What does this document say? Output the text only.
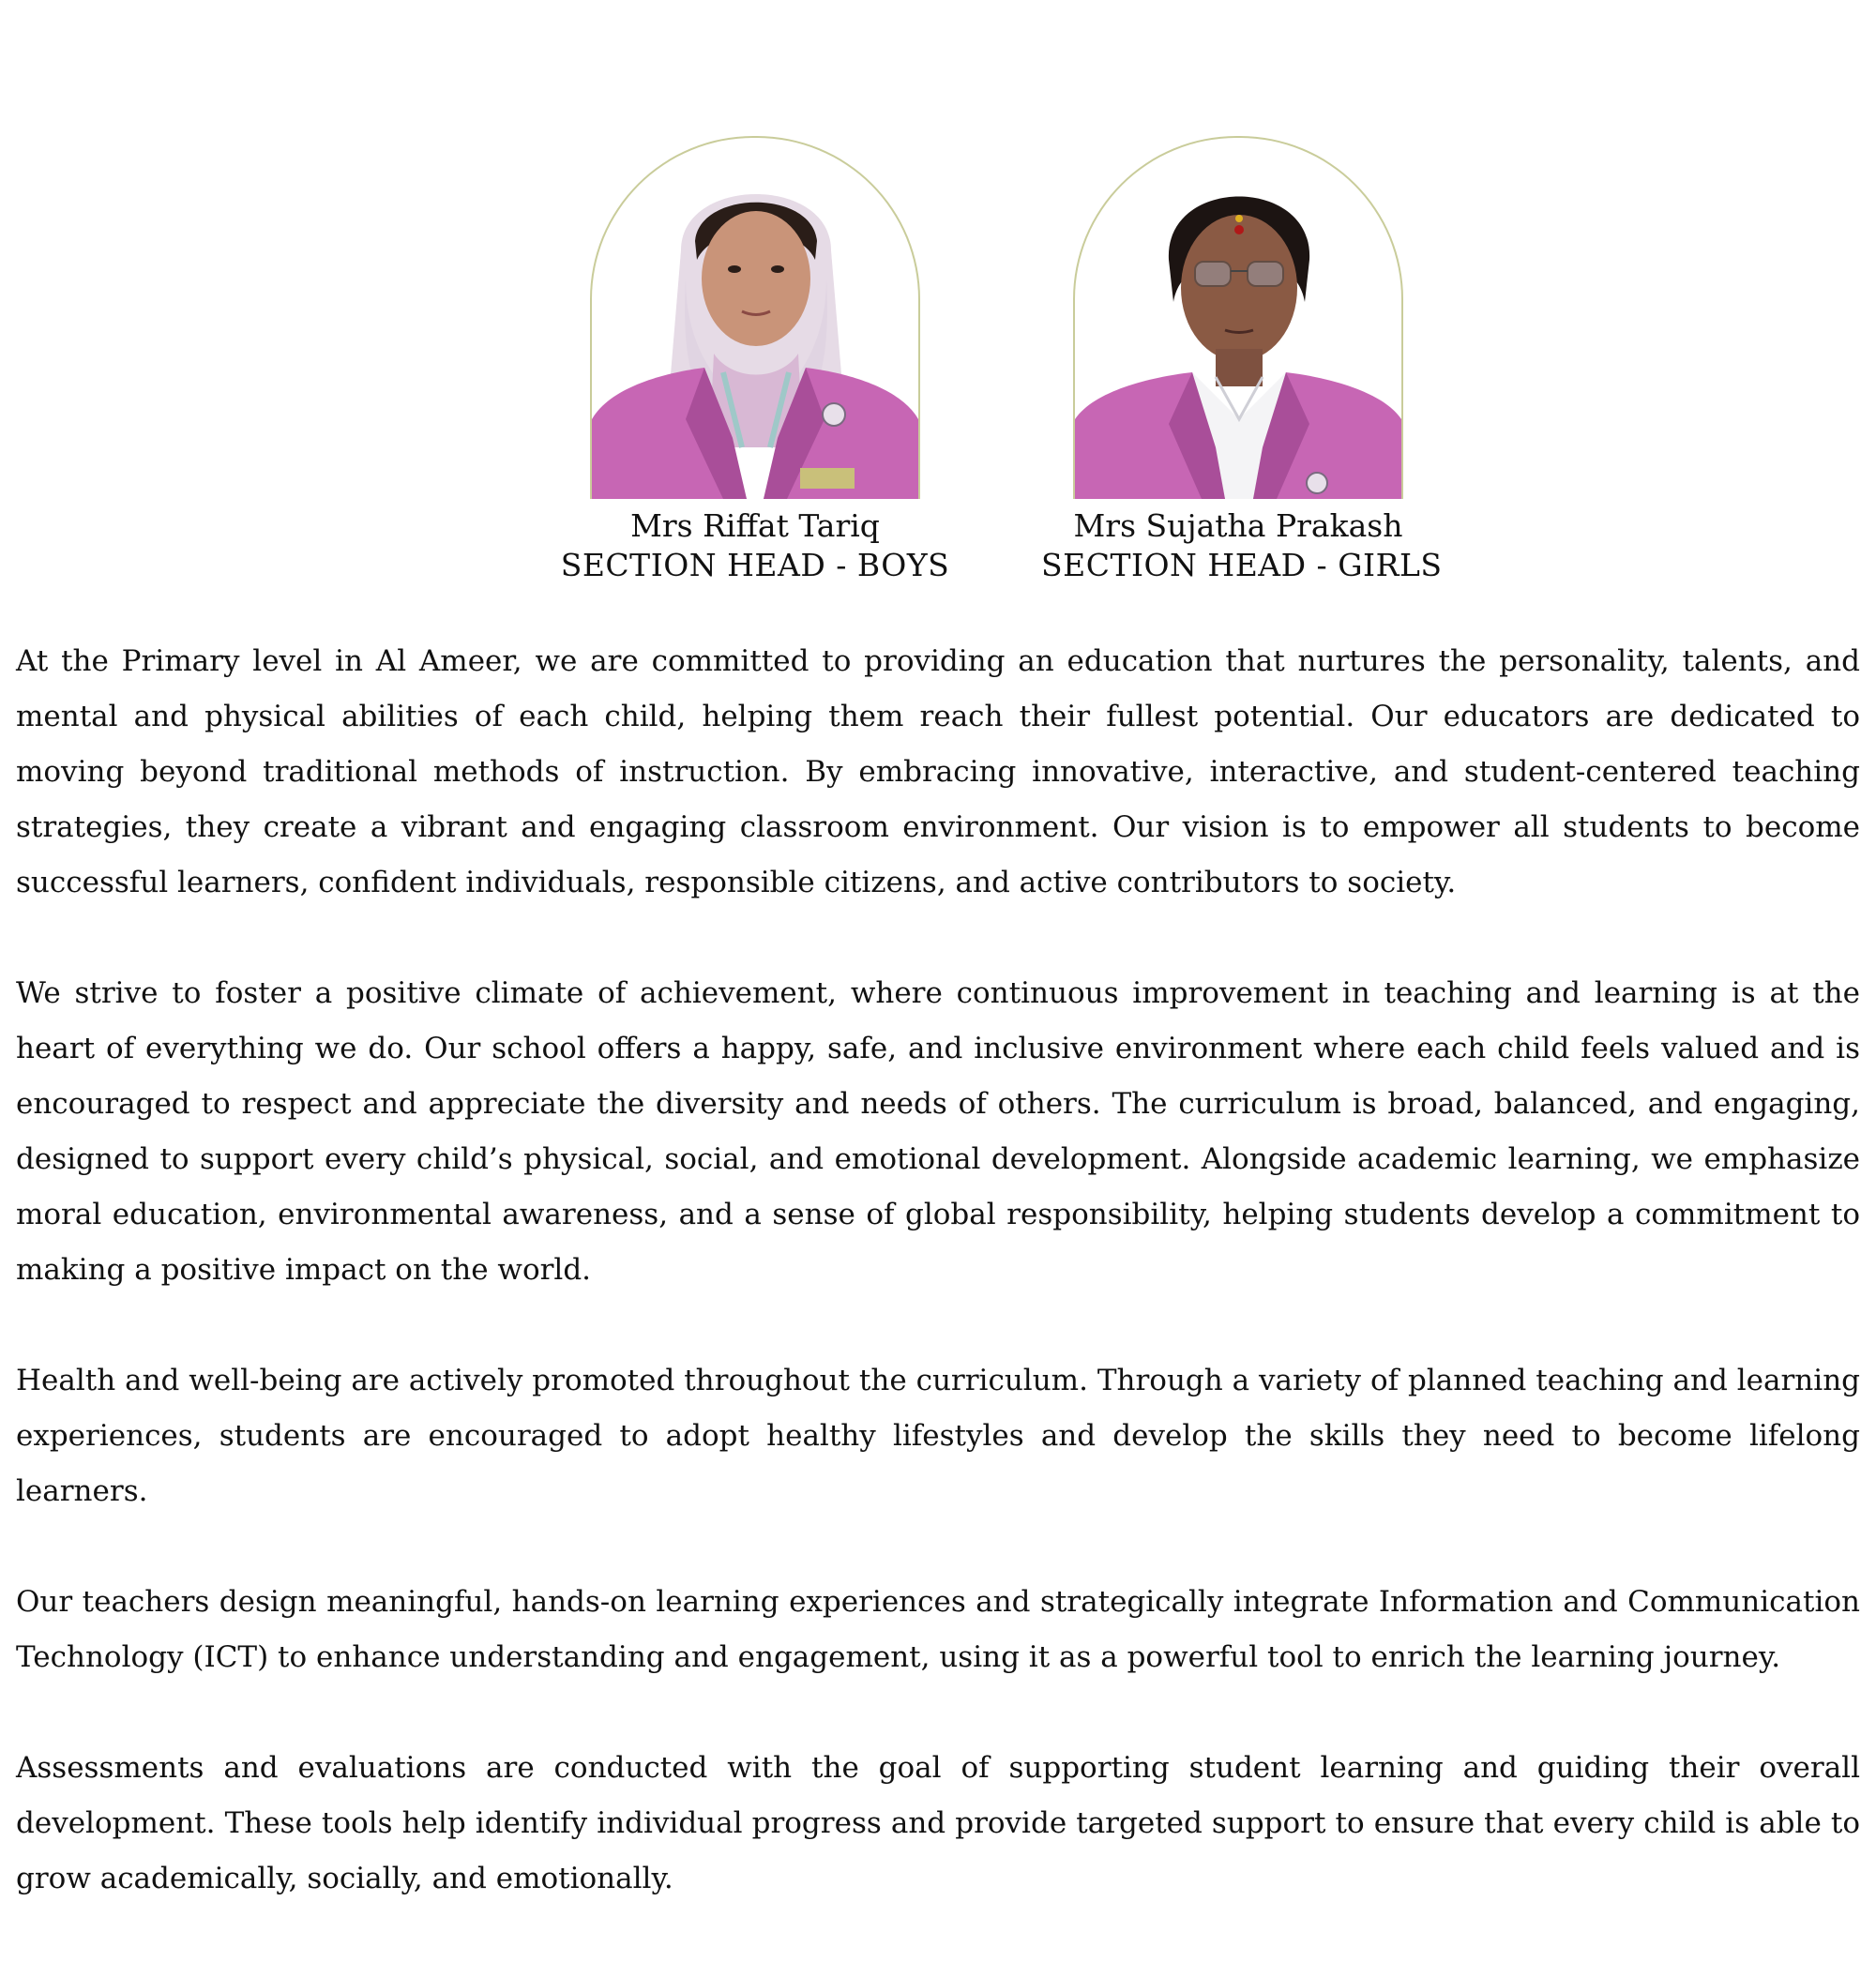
Mrs Riffat Tariq
SECTION HEAD - BOYS
Mrs Sujatha Prakash
SECTION HEAD - GIRLS

At the Primary level in Al Ameer, we are committed to providing an education that nurtures the personality, talents, and mental and physical abilities of each child, helping them reach their fullest potential. Our educators are dedicated to moving beyond traditional methods of instruction. By embracing innovative, interactive, and student-centered teaching strategies, they create a vibrant and engaging classroom environment. Our vision is to empower all students to become successful learners, confident individuals, responsible citizens, and active contributors to society.

We strive to foster a positive climate of achievement, where continuous improvement in teaching and learning is at the heart of everything we do. Our school offers a happy, safe, and inclusive environment where each child feels valued and is encouraged to respect and appreciate the diversity and needs of others. The curriculum is broad, balanced, and engaging, designed to support every child’s physical, social, and emotional development. Alongside academic learning, we emphasize moral education, environmental awareness, and a sense of global responsibility, helping students develop a commitment to making a positive impact on the world.

Health and well-being are actively promoted throughout the curriculum. Through a variety of planned teaching and learning experiences, students are encouraged to adopt healthy lifestyles and develop the skills they need to become lifelong learners.

Our teachers design meaningful, hands-on learning experiences and strategically integrate Information and Communication Technology (ICT) to enhance understanding and engagement, using it as a powerful tool to enrich the learning journey.

Assessments and evaluations are conducted with the goal of supporting student learning and guiding their overall development. These tools help identify individual progress and provide targeted support to ensure that every child is able to grow academically, socially, and emotionally.
